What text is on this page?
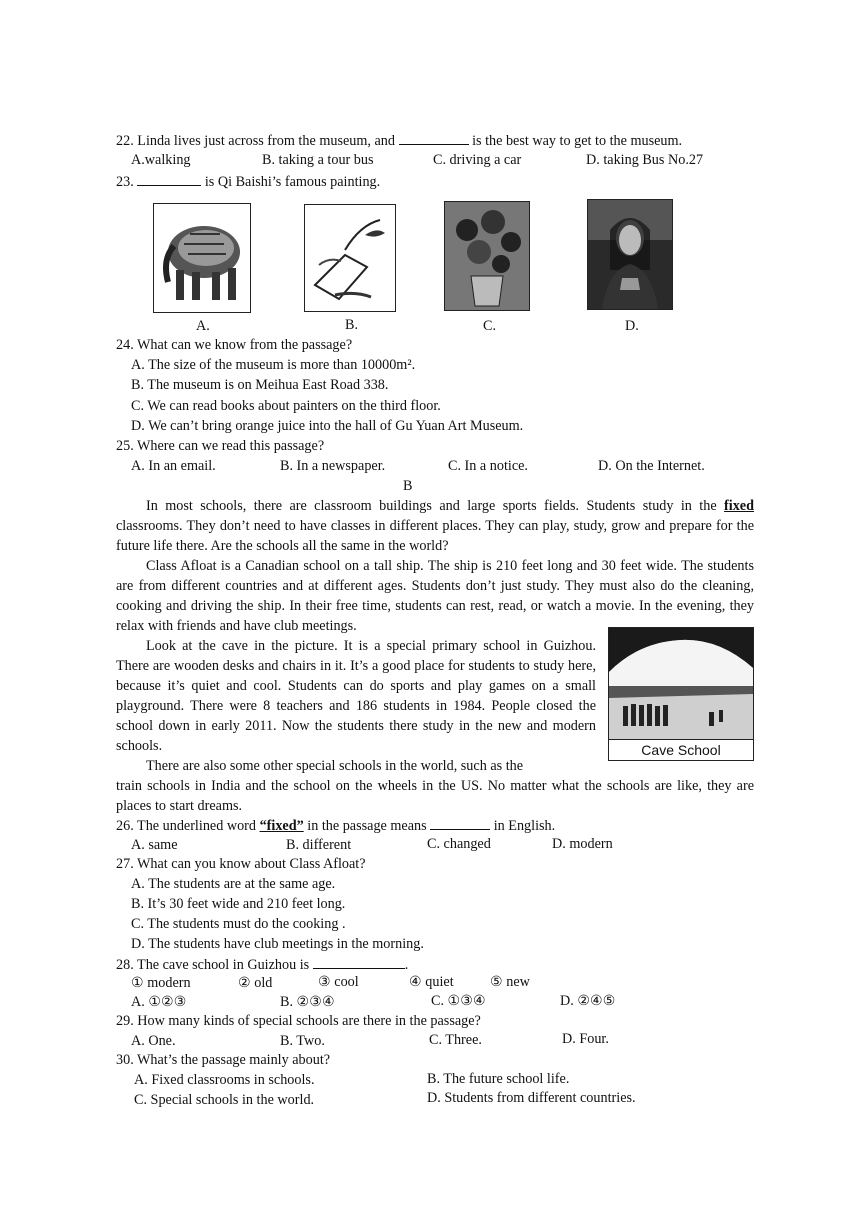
22. Linda lives just across from the museum, and	is the best way to get to the museum.
A.walking	B. taking a tour bus	C. driving a car	D. taking Bus No.27
23.	is Qi Baishi’s famous painting.
A.	B.	C.	D.
24. What can we know from the passage?
A. The size of the museum is more than 10000m².
B. The museum is on Meihua East Road 338.
C. We can read books about painters on the third floor.
D. We can’t bring orange juice into the hall of Gu Yuan Art Museum.
25. Where can we read this passage?
A. In an email.	B. In a newspaper.	C. In a notice.	D. On the Internet.
B
In most schools, there are classroom buildings and large sports fields. Students study in the fixed classrooms. They don’t need to have classes in different places. They can play, study, grow and prepare for the future life there. Are the schools all the same in the world?
Class Afloat is a Canadian school on a tall ship. The ship is 210 feet long and 30 feet wide. The students are from different countries and at different ages. Students don’t just study. They must also do the cleaning, cooking and driving the ship. In their free time, students can rest, read, or watch a movie. In the evening, they relax with friends and have club meetings.
Look at the cave in the picture. It is a special primary school in Guizhou. There are wooden desks and chairs in it. It’s a good place for students to study here, because it’s quiet and cool. Students can do sports and play games on a small playground. There were 8 teachers and 186 students in 1984. People closed the school down in early 2011. Now the students there study in the new and modern schools.	Cave School
There are also some other special schools in the world, such as the
train schools in India and the school on the wheels in the US. No matter what the schools are like, they are places to start dreams.
26. The underlined word “fixed” in the passage means	in English.
A. same	B. different	C. changed	D. modern
27. What can you know about Class Afloat?
A. The students are at the same age.
B. It’s 30 feet wide and 210 feet long.
C. The students must do the cooking .
D. The students have club meetings in the morning.
28. The cave school in Guizhou is	.
① modern	② old	③ cool	④ quiet	⑤ new
A. ①②③	B. ②③④	C. ①③④	D. ②④⑤
29. How many kinds of special schools are there in the passage?
A. One.	B. Two.	C. Three.	D. Four.
30. What’s the passage mainly about?
A. Fixed classrooms in schools.	B. The future school life.
C. Special schools in the world.	D. Students from different countries.
